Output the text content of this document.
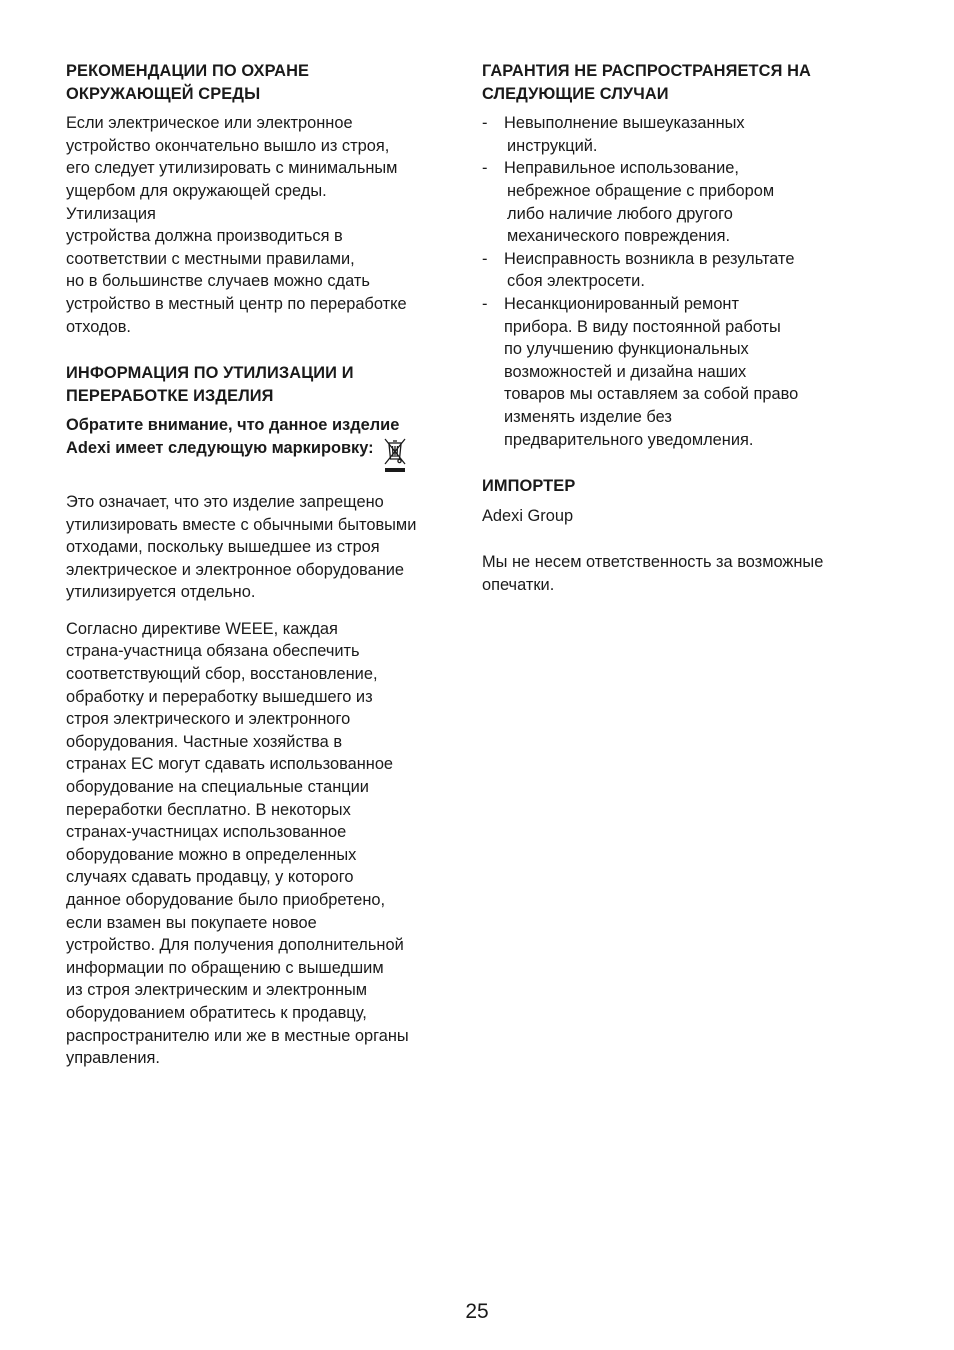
РЕКОМЕНДАЦИИ ПО ОХРАНЕ
ОКРУЖАЮЩЕЙ СРЕДЫ
Если электрическое или электронное
устройство окончательно вышло из строя,
его следует утилизировать с минимальным
ущербом для окружающей среды.
Утилизация
устройства должна производиться в
соответствии с местными правилами,
но в большинстве случаев можно сдать
устройство в местный центр по переработке
отходов.
ИНФОРМАЦИЯ ПО УТИЛИЗАЦИИ И
ПЕРЕРАБОТКЕ ИЗДЕЛИЯ
Обратите внимание, что данное изделие
Adexi имеет следующую маркировку:
Это означает, что это изделие запрещено
утилизировать вместе с обычными бытовыми
отходами, поскольку вышедшее из строя
электрическое и электронное оборудование
утилизируется отдельно.
Согласно директиве WEEE, каждая
страна-участница обязана обеспечить
соответствующий сбор, восстановление,
обработку и переработку вышедшего из
строя электрического и электронного
оборудования. Частные хозяйства в
странах ЕС могут сдавать использованное
оборудование на специальные станции
переработки бесплатно. В некоторых
странах-участницах использованное
оборудование можно в определенных
случаях сдавать продавцу, у которого
данное оборудование было приобретено,
если взамен вы покупаете новое
устройство. Для получения дополнительной
информации по обращению с вышедшим
из строя электрическим и электронным
оборудованием обратитесь к продавцу,
распространителю или же в местные органы
управления.
ГАРАНТИЯ НЕ РАСПРОСТРАНЯЕТСЯ НА
СЛЕДУЮЩИЕ СЛУЧАИ
- Невыполнение вышеуказанных
инструкций.
- Неправильное использование,
небрежное обращение с прибором
либо наличие любого другого
механического повреждения.
- Неисправность возникла в результате
сбоя электросети.
- Несанкционированный ремонт
прибора. В виду постоянной работы
по улучшению функциональных
возможностей и дизайна наших
товаров мы оставляем за собой право
изменять изделие без
предварительного уведомления.
ИМПОРТЕР
Adexi Group
Мы не несем ответственность за возможные
опечатки.
25
